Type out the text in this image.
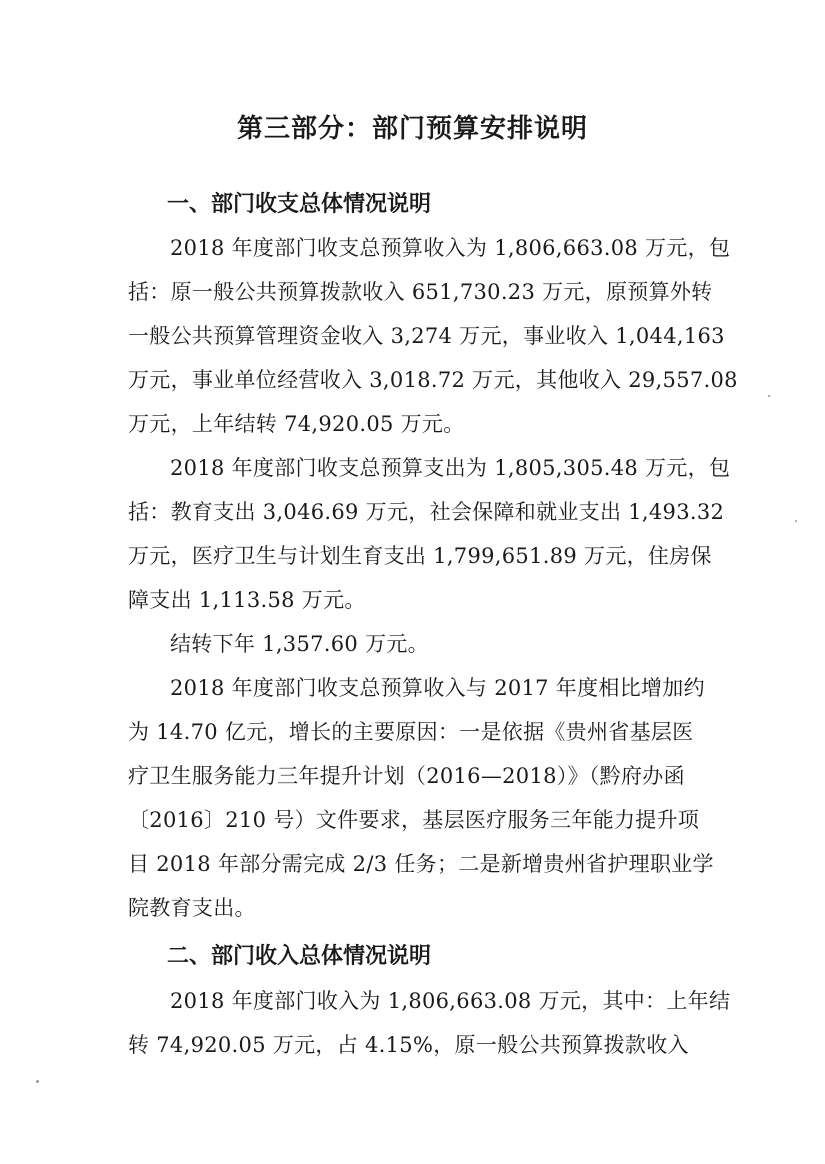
第三部分：部门预算安排说明
一、部门收支总体情况说明
2018 年度部门收支总预算收入为 1,806,663.08 万元，包
括：原一般公共预算拨款收入 651,730.23 万元，原预算外转
一般公共预算管理资金收入 3,274 万元，事业收入 1,044,163
万元，事业单位经营收入 3,018.72 万元，其他收入 29,557.08
万元，上年结转 74,920.05 万元。
2018 年度部门收支总预算支出为 1,805,305.48 万元，包
括：教育支出 3,046.69 万元，社会保障和就业支出 1,493.32
万元，医疗卫生与计划生育支出 1,799,651.89 万元，住房保
障支出 1,113.58 万元。
结转下年 1,357.60 万元。
2018 年度部门收支总预算收入与 2017 年度相比增加约
为 14.70 亿元，增长的主要原因：一是依据《贵州省基层医
疗卫生服务能力三年提升计划（2016—2018）》（黔府办函
〔2016〕210 号）文件要求，基层医疗服务三年能力提升项
目 2018 年部分需完成 2/3 任务；二是新增贵州省护理职业学
院教育支出。
二、部门收入总体情况说明
2018 年度部门收入为 1,806,663.08 万元，其中：上年结
转 74,920.05 万元，占 4.15%，原一般公共预算拨款收入
